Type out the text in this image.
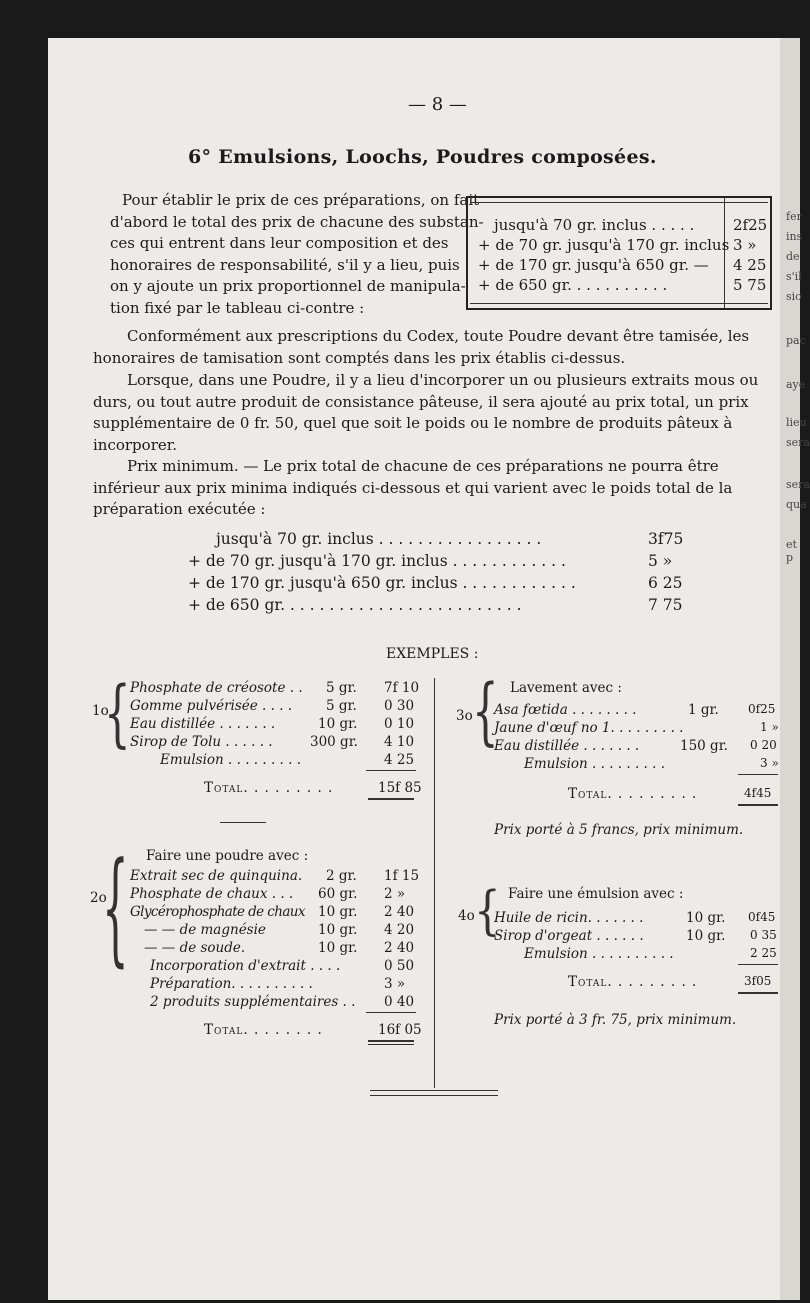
— 8 —
6° Emulsions, Loochs, Poudres composées.
Pour établir le prix de ces préparations, on fait
d'abord le total des prix de chacune des substan-
ces qui entrent dans leur composition et des
honoraires de responsabilité, s'il y a lieu, puis
on y ajoute un prix proportionnel de manipula-
tion fixé par le tableau ci-contre :
jusqu'à 70 gr. inclus . . . . .	2f25
+ de 70 gr. jusqu'à 170 gr. inclus 3 »
+ de 170 gr. jusqu'à 650 gr. — 4 25
+ de 650 gr. . . . . . . . . . .	5 75
Conformément aux prescriptions du Codex, toute Poudre devant être tamisée, les
honoraires de tamisation sont comptés dans les prix établis ci-dessus.
Lorsque, dans une Poudre, il y a lieu d'incorporer un ou plusieurs extraits mous ou
durs, ou tout autre produit de consistance pâteuse, il sera ajouté au prix total, un prix
supplémentaire de 0 fr. 50, quel que soit le poids ou le nombre de produits pâteux à
incorporer.
Prix minimum. — Le prix total de chacune de ces préparations ne pourra être
inférieur aux prix minima indiqués ci-dessous et qui varient avec le poids total de la
préparation exécutée :
jusqu'à 70 gr. inclus . . . . . . . . . . . . . . . . .	3f75
+ de 70 gr. jusqu'à 170 gr. inclus . . . . . . . . . . . .	5 »
+ de 170 gr. jusqu'à 650 gr. inclus . . . . . . . . . . . .	6 25
+ de 650 gr. . . . . . . . . . . . . . . . . . . . . . . . .	7 75
EXEMPLES :
1o
{ Phosphate de créosote . . 5 gr. 7f 10
Gomme pulvérisée . . . .	5 gr. 0 30
Eau distillée . . . . . . .	10 gr. 0 10
Sirop de Tolu . . . . . .	300 gr. 4 10
Emulsion . . . . . . . . .	4 25
Total. . . . . . . . .	15f 85
Faire une poudre avec :
2o
{ Extrait sec de quinquina. 2 gr. 1f 15
Phosphate de chaux . . . 60 gr. 2 »
Glycérophosphate de chaux 10 gr. 2 40
— — de magnésie	10 gr. 4 20
— — de soude.	10 gr. 2 40
Incorporation d'extrait . . . .	0 50
Préparation. . . . . . . . . .	3 »
2 produits supplémentaires . . 0 40
Total. . . . . . . .	16f 05
Lavement avec :
3o {
Asa fœtida . . . . . . . .	1 gr. 0f25
Jaune d'œuf no 1. . . . . . . . .	1 »
Eau distillée . . . . . . .	150 gr. 0 20
Emulsion . . . . . . . . .	3 »
Total. . . . . . . . .	4f45
Prix porté à 5 francs, prix minimum.
Faire une émulsion avec :
4o {
Huile de ricin. . . . . . .	10 gr. 0f45
Sirop d'orgeat . . . . . .	10 gr. 0 35
Emulsion . . . . . . . . . .	2 25
Total. . . . . . . . .	3f05
Prix porté à 3 fr. 75, prix minimum.
fer
ins
de
s'il
sio
pac
aye
lieu
sera
sera
qua
et p
